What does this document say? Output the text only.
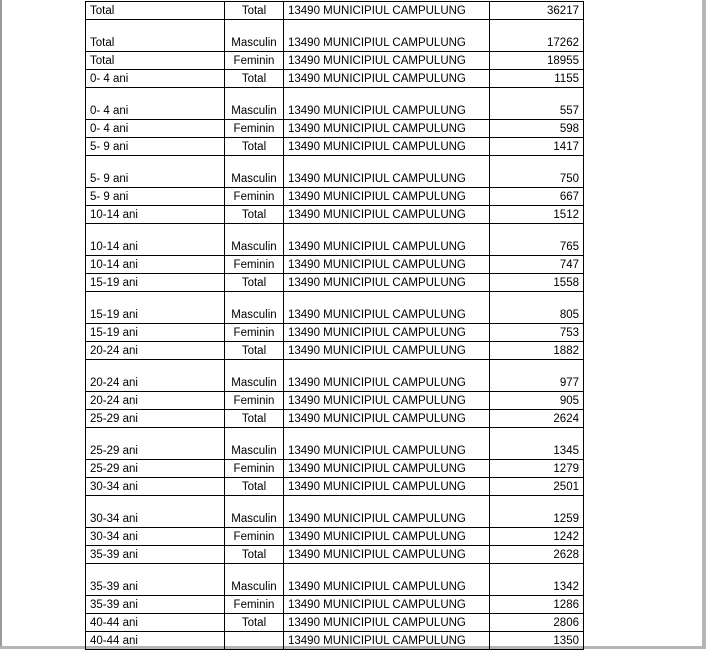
Total	Total	13490 MUNICIPIUL CAMPULUNG	36217
Total	Masculin	13490 MUNICIPIUL CAMPULUNG	17262
Total	Feminin	13490 MUNICIPIUL CAMPULUNG	18955
0- 4 ani	Total	13490 MUNICIPIUL CAMPULUNG	1155
0- 4 ani	Masculin	13490 MUNICIPIUL CAMPULUNG	557
0- 4 ani	Feminin	13490 MUNICIPIUL CAMPULUNG	598
5- 9 ani	Total	13490 MUNICIPIUL CAMPULUNG	1417
5- 9 ani	Masculin	13490 MUNICIPIUL CAMPULUNG	750
5- 9 ani	Feminin	13490 MUNICIPIUL CAMPULUNG	667
10-14 ani	Total	13490 MUNICIPIUL CAMPULUNG	1512
10-14 ani	Masculin	13490 MUNICIPIUL CAMPULUNG	765
10-14 ani	Feminin	13490 MUNICIPIUL CAMPULUNG	747
15-19 ani	Total	13490 MUNICIPIUL CAMPULUNG	1558
15-19 ani	Masculin	13490 MUNICIPIUL CAMPULUNG	805
15-19 ani	Feminin	13490 MUNICIPIUL CAMPULUNG	753
20-24 ani	Total	13490 MUNICIPIUL CAMPULUNG	1882
20-24 ani	Masculin	13490 MUNICIPIUL CAMPULUNG	977
20-24 ani	Feminin	13490 MUNICIPIUL CAMPULUNG	905
25-29 ani	Total	13490 MUNICIPIUL CAMPULUNG	2624
25-29 ani	Masculin	13490 MUNICIPIUL CAMPULUNG	1345
25-29 ani	Feminin	13490 MUNICIPIUL CAMPULUNG	1279
30-34 ani	Total	13490 MUNICIPIUL CAMPULUNG	2501
30-34 ani	Masculin	13490 MUNICIPIUL CAMPULUNG	1259
30-34 ani	Feminin	13490 MUNICIPIUL CAMPULUNG	1242
35-39 ani	Total	13490 MUNICIPIUL CAMPULUNG	2628
35-39 ani	Masculin	13490 MUNICIPIUL CAMPULUNG	1342
35-39 ani	Feminin	13490 MUNICIPIUL CAMPULUNG	1286
40-44 ani	Total	13490 MUNICIPIUL CAMPULUNG	2806
40-44 ani		13490 MUNICIPIUL CAMPULUNG	1350
